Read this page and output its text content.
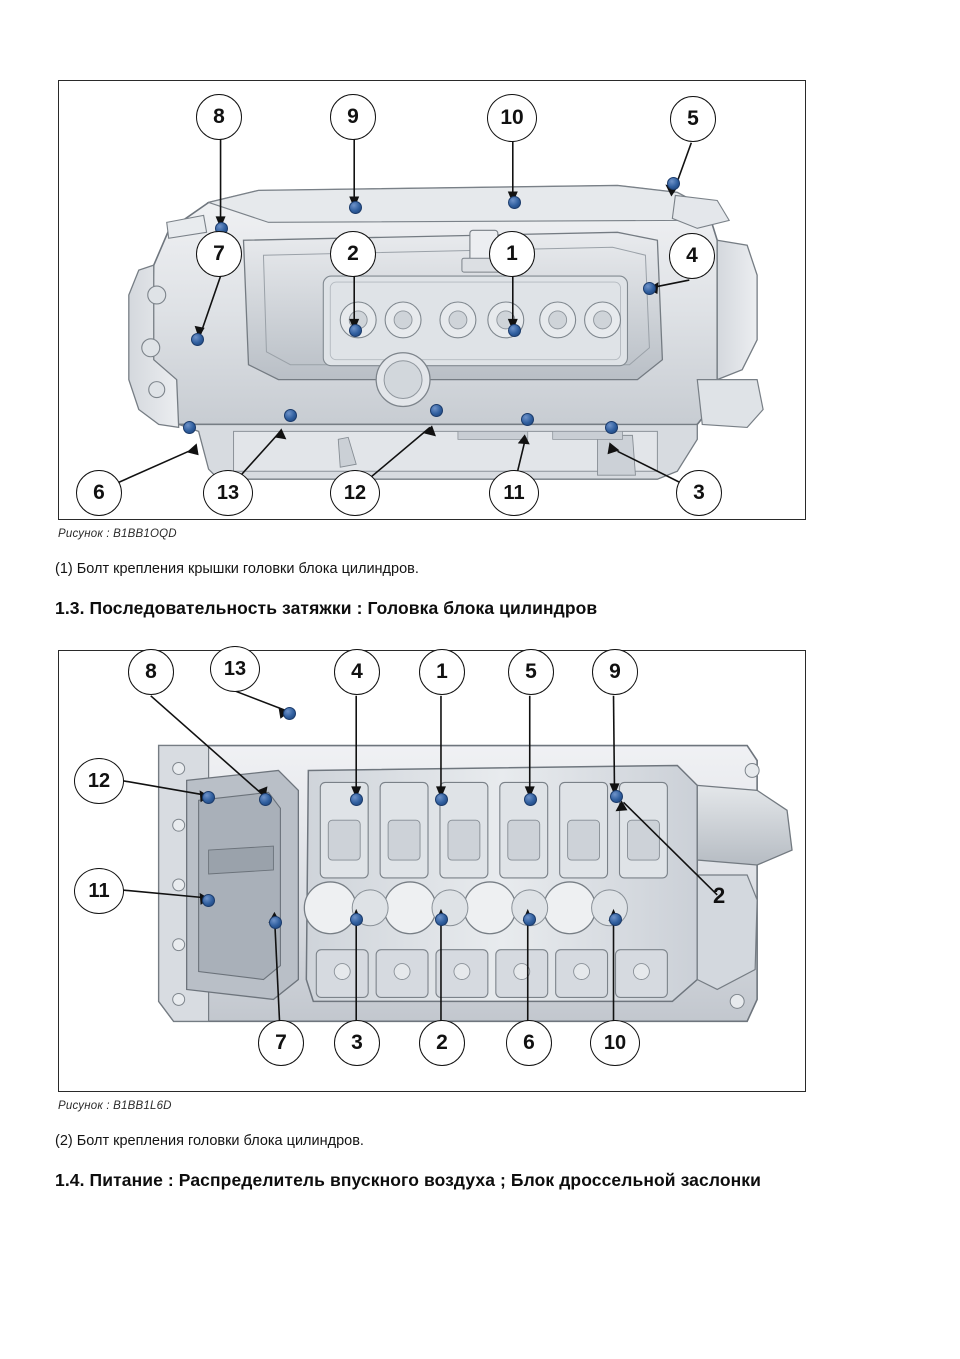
8	9	10	5
7	2	1	4
6	13	12	11	3
Рисунок : B1BB1OQD
(1) Болт крепления крышки головки блока цилиндров.
1.3. Последовательность затяжки : Головка блока цилиндров
8	13	4	1	5	9
12
11	2
7	3	2	6	10
Рисунок : B1BB1L6D
(2) Болт крепления головки блока цилиндров.
1.4. Питание : Распределитель впускного воздуха ; Блок дроссельной заслонки
